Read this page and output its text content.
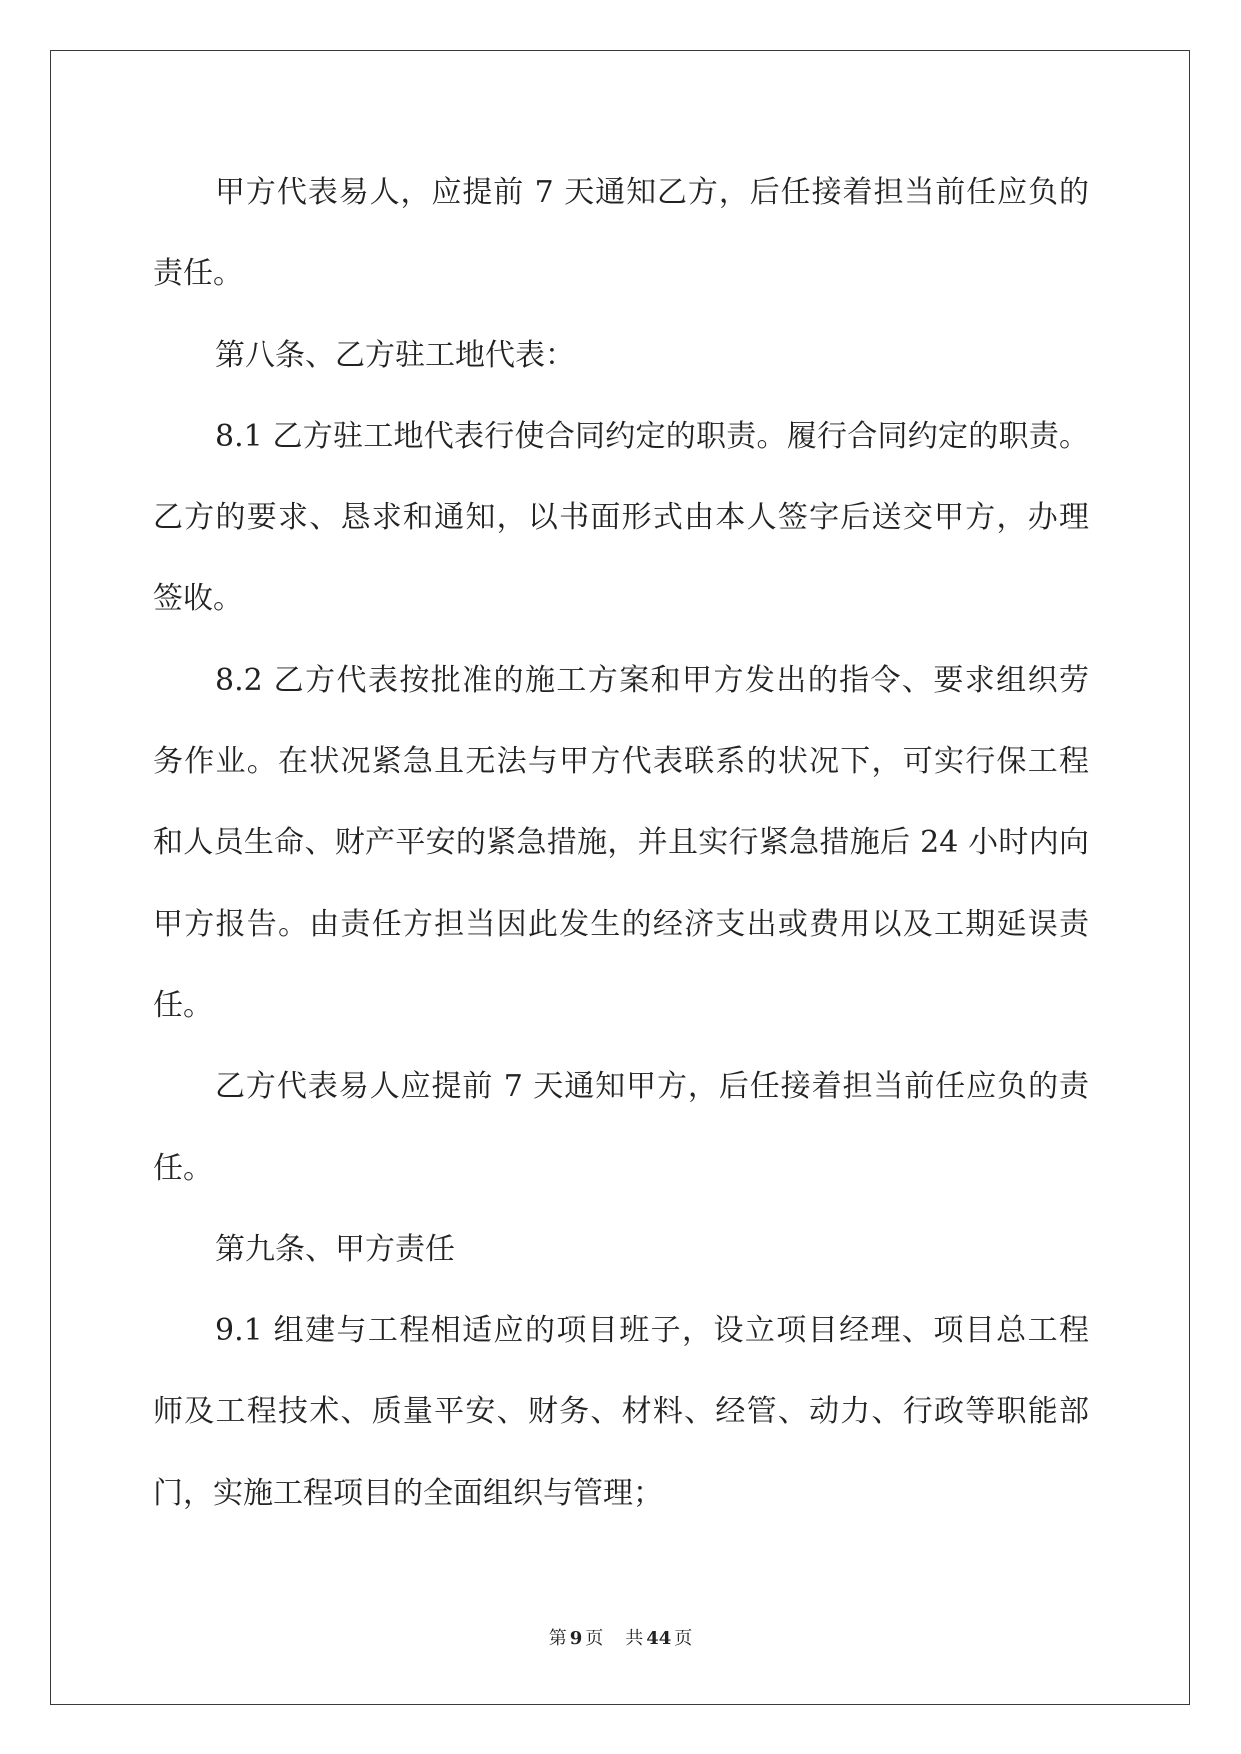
甲方代表易人，应提前 7 天通知乙方，后任接着担当前任应负的
责任。
第八条、乙方驻工地代表：
8.1 乙方驻工地代表行使合同约定的职责。履行合同约定的职责。
乙方的要求、恳求和通知，以书面形式由本人签字后送交甲方，办理
签收。
8.2 乙方代表按批准的施工方案和甲方发出的指令、要求组织劳
务作业。在状况紧急且无法与甲方代表联系的状况下，可实行保工程
和人员生命、财产平安的紧急措施，并且实行紧急措施后 24 小时内向
甲方报告。由责任方担当因此发生的经济支出或费用以及工期延误责
任。
乙方代表易人应提前 7 天通知甲方，后任接着担当前任应负的责
任。
第九条、甲方责任
9.1 组建与工程相适应的项目班子，设立项目经理、项目总工程
师及工程技术、质量平安、财务、材料、经管、动力、行政等职能部
门，实施工程项目的全面组织与管理；
第 9 页 共 44 页
